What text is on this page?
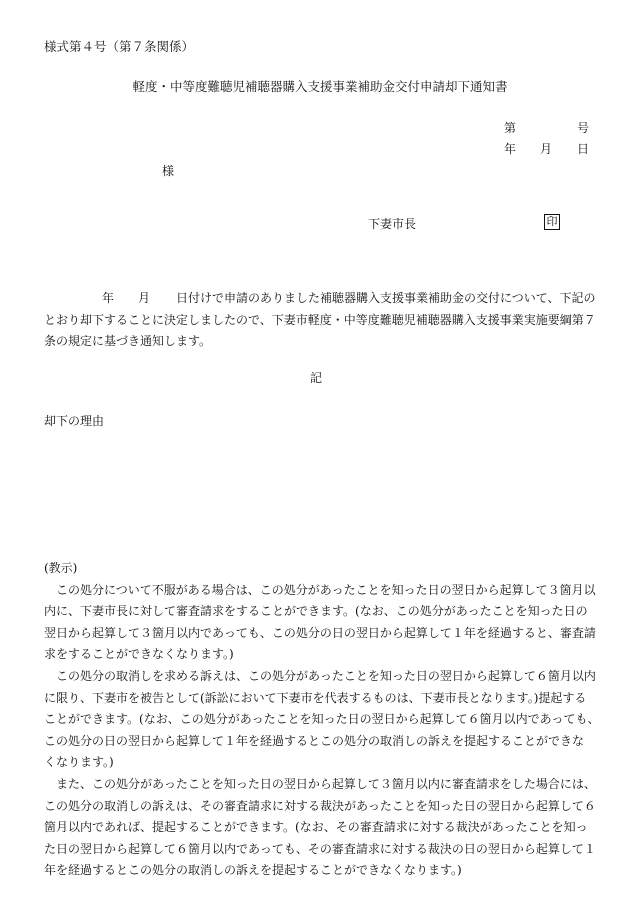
様式第４号（第７条関係）
軽度・中等度難聴児補聴器購入支援事業補助金交付申請却下通知書
第	号
年 月 日
様
下妻市長	印
年 月 日付けで申請のありました補聴器購入支援事業補助金の交付について、下記の
とおり却下することに決定しましたので、下妻市軽度・中等度難聴児補聴器購入支援事業実施要綱第７
条の規定に基づき通知します。
記
却下の理由
(教示)
この処分について不服がある場合は、この処分があったことを知った日の翌日から起算して３箇月以
内に、下妻市長に対して審査請求をすることができます。(なお、この処分があったことを知った日の
翌日から起算して３箇月以内であっても、この処分の日の翌日から起算して１年を経過すると、審査請
求をすることができなくなります。)
この処分の取消しを求める訴えは、この処分があったことを知った日の翌日から起算して６箇月以内
に限り、下妻市を被告として(訴訟において下妻市を代表するものは、下妻市長となります。)提起する
ことができます。(なお、この処分があったことを知った日の翌日から起算して６箇月以内であっても、
この処分の日の翌日から起算して１年を経過するとこの処分の取消しの訴えを提起することができな
くなります。)
また、この処分があったことを知った日の翌日から起算して３箇月以内に審査請求をした場合には、
この処分の取消しの訴えは、その審査請求に対する裁決があったことを知った日の翌日から起算して６
箇月以内であれば、提起することができます。(なお、その審査請求に対する裁決があったことを知っ
た日の翌日から起算して６箇月以内であっても、その審査請求に対する裁決の日の翌日から起算して１
年を経過するとこの処分の取消しの訴えを提起することができなくなります。)
